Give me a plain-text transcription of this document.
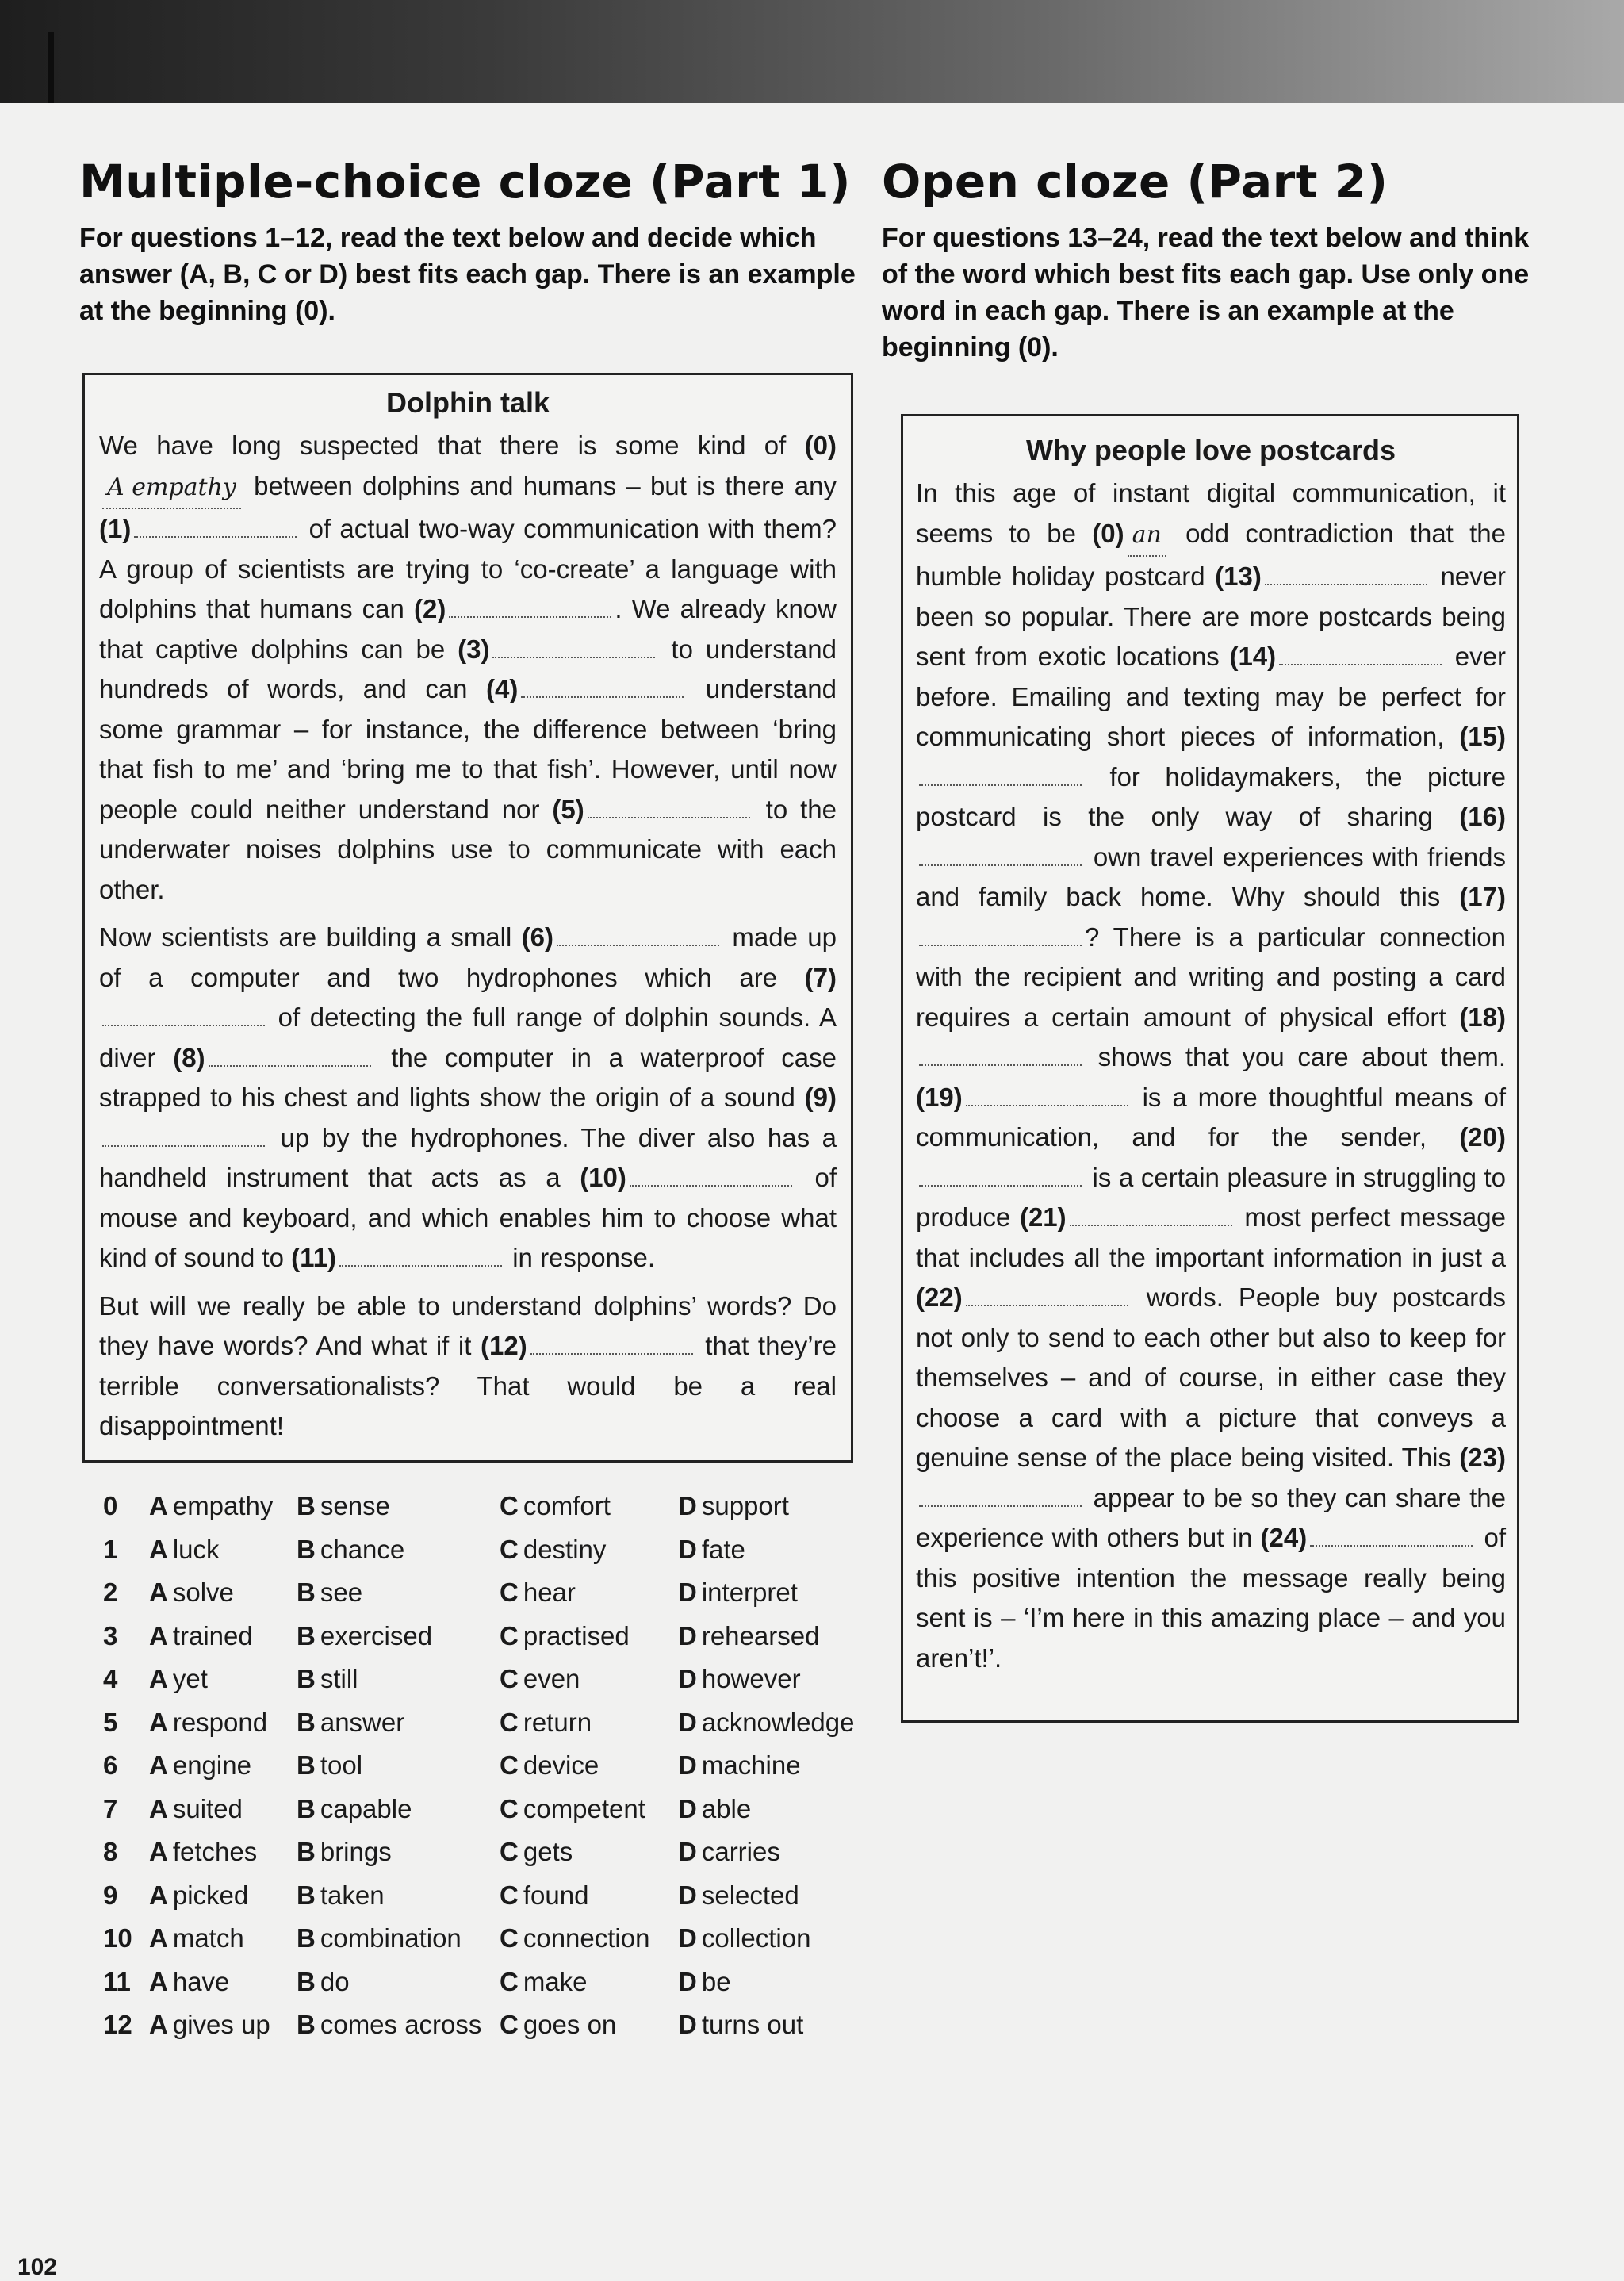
Multiple-choice cloze (Part 1)
For questions 1–12, read the text below and decide which answer (A, B, C or D) best fits each gap. There is an example at the beginning (0).
Dolphin talk

We have long suspected that there is some kind of (0)A empathy between dolphins and humans – but is there any (1)	of actual two-way communication with them? A group of scientists are trying to ‘co-create’ a language with dolphins that humans can (2)	. We already know that captive dolphins can be (3)	to understand hundreds of words, and can (4)	understand some grammar – for instance, the difference between ‘bring that fish to me’ and ‘bring me to that fish’. However, until now people could neither understand nor (5)	to the underwater noises dolphins use to communicate with each other.

Now scientists are building a small (6)	made up of a computer and two hydrophones which are (7) of detecting the full range of dolphin sounds. A diver (8)	the computer in a waterproof case strapped to his chest and lights show the origin of a sound (9) up by the hydrophones. The diver also has a handheld instrument that acts as a (10)	of mouse and keyboard, and which enables him to choose what kind of sound to (11)	in response.

But will we really be able to understand dolphins’ words? Do they have words? And what if it (12)	that they’re terrible conversationalists? That would be a real disappointment!

0 A empathy B sense	C comfort	D support
1 A luck	B chance	C destiny	D fate
2 A solve B see	C hear	D interpret
3 A trained B exercised	C practised D rehearsed
4 A yet	B still	C even	D however
5 A respond B answer	C return	D acknowledge
6 A engine B tool	C device	D machine
7 A suited B capable	C competent D able
8 A fetches B brings	C gets	D carries
9 A picked B taken	C found	D selected
10 A match B combination C connection D collection
11 A have	B do	C make	D be
12 A gives up B comes across C goes on D turns out
Open cloze (Part 2)
For questions 13–24, read the text below and think of the word which best fits each gap. Use only one word in each gap. There is an example at the beginning (0).
Why people love postcards

In this age of instant digital communication, it seems to be (0) an odd contradiction that the humble holiday postcard (13)	never been so popular. There are more postcards being sent from exotic locations (14)	ever before. Emailing and texting may be perfect for communicating short pieces of information, (15) for holidaymakers, the picture postcard is the only way of sharing (16) own travel experiences with friends and family back home. Why should this (17)? There is a particular connection with the recipient and writing and posting a card requires a certain amount of physical effort (18) shows that you care about them. (19)	is a more thoughtful means of communication, and for the sender, (20) is a certain pleasure in struggling to produce (21)	most perfect message that includes all the important information in just a (22)	words. People buy postcards not only to send to each other but also to keep for themselves – and of course, in either case they choose a card with a picture that conveys a genuine sense of the place being visited. This (23) appear to be so they can share the experience with others but in (24)	of this positive intention the message really being sent is – ‘I’m here in this amazing place – and you aren’t!’.

102
